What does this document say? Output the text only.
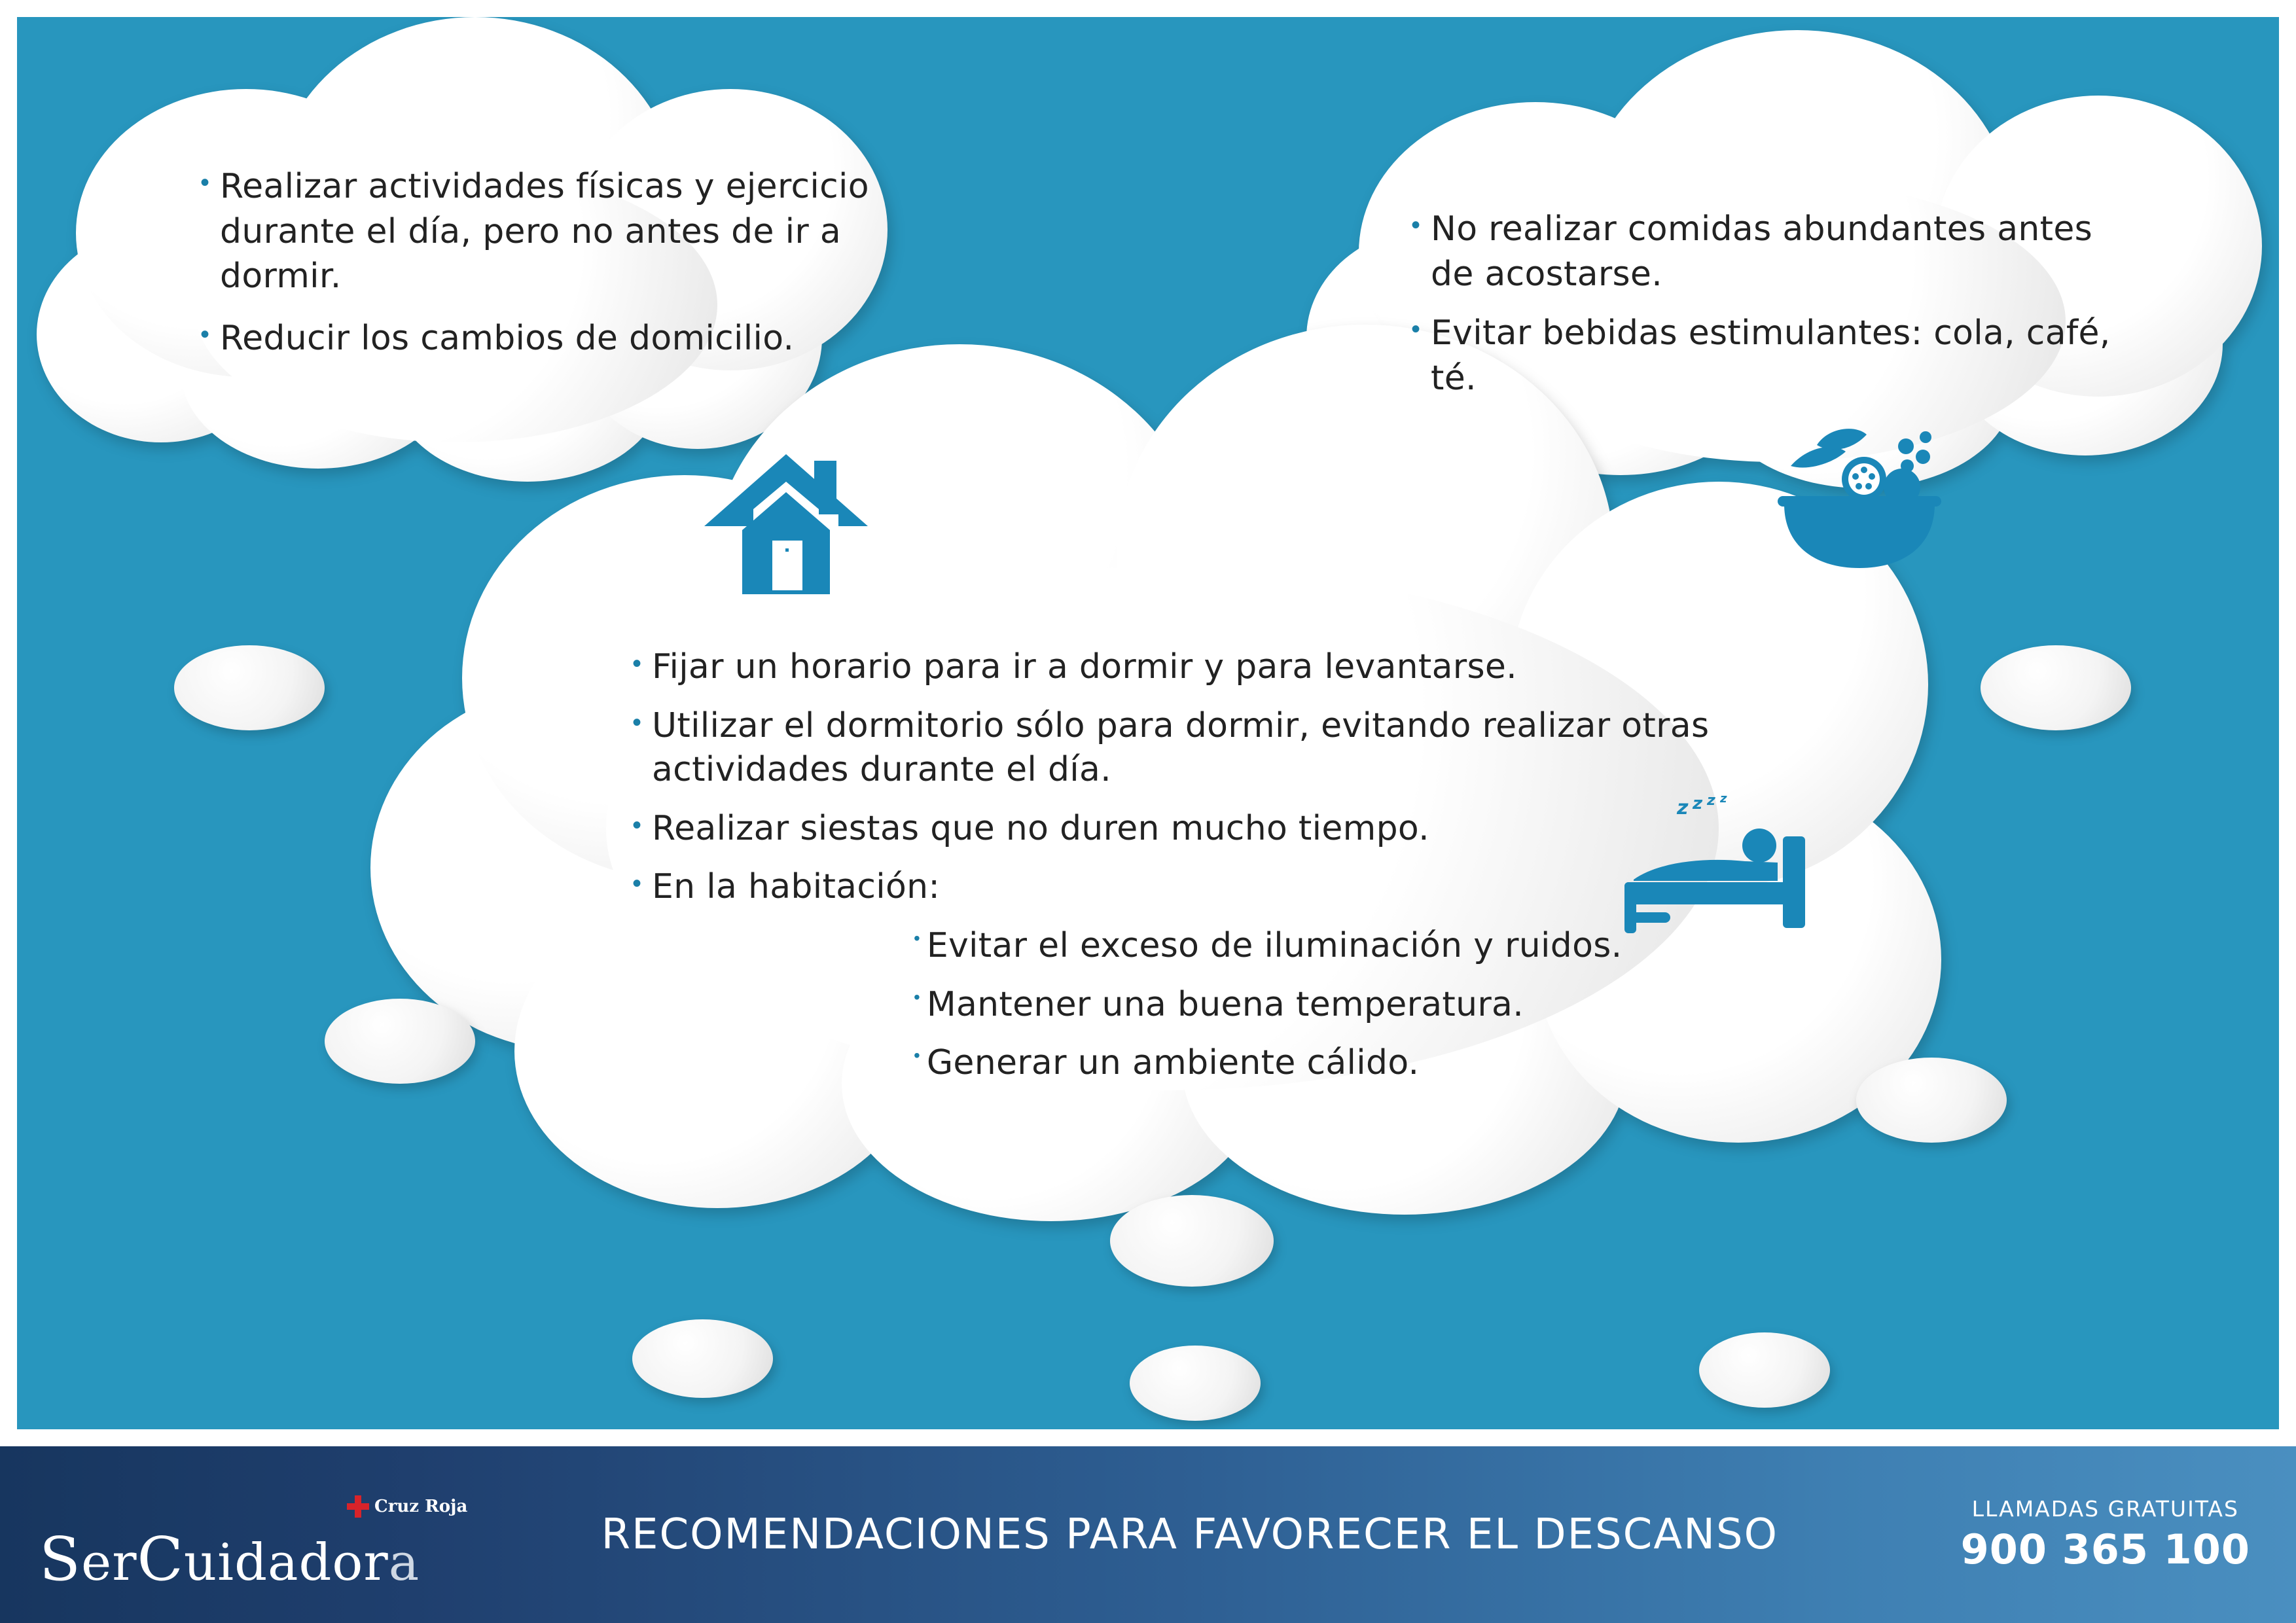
• Realizar actividades físicas y ejercicio durante el día, pero no antes de ir a dormir.
• Reducir los cambios de domicilio.
• No realizar comidas abundantes antes de acostarse.
• Evitar bebidas estimulantes: cola, café, té.
• Fijar un horario para ir a dormir y para levantarse.
• Utilizar el dormitorio sólo para dormir, evitando realizar otras actividades durante el día.
• Realizar siestas que no duren mucho tiempo.
• En la habitación:
• Evitar el exceso de iluminación y ruidos.
• Mantener una buena temperatura.
• Generar un ambiente cálido.
z z z z
SerCuidadora
Cruz Roja
RECOMENDACIONES PARA FAVORECER EL DESCANSO
LLAMADAS GRATUITAS
900 365 100
